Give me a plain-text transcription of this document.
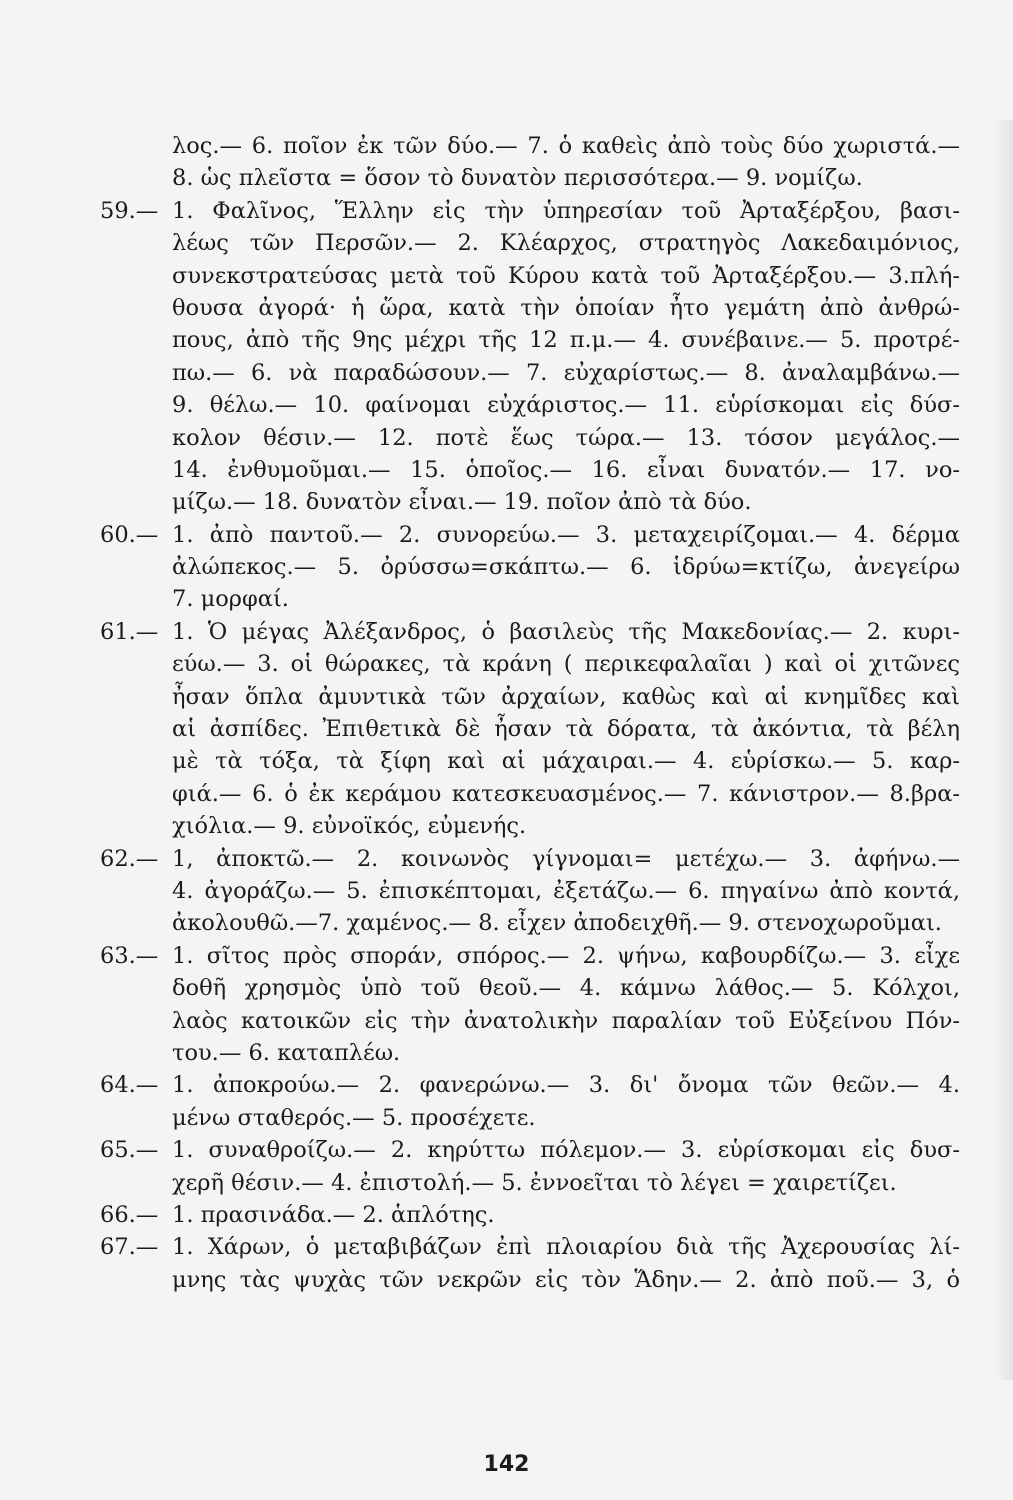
λος.— 6. ποῖον ἐκ τῶν δύο.— 7. ὁ καθεὶς ἀπὸ τοὺς δύο χωριστά.—
8. ὡς πλεῖστα = ὅσον τὸ δυνατὸν περισσότερα.— 9. νομίζω.
59.— 1. Φαλῖνος, Ἕλλην εἰς τὴν ὑπηρεσίαν τοῦ Ἀρταξέρξου, βασι-
λέως τῶν Περσῶν.— 2. Κλέαρχος, στρατηγὸς Λακεδαιμόνιος,
συνεκστρατεύσας μετὰ τοῦ Κύρου κατὰ τοῦ Ἀρταξέρξου.— 3.πλή-
θουσα ἀγορά· ἡ ὥρα, κατὰ τὴν ὁποίαν ἦτο γεμάτη ἀπὸ ἀνθρώ-
πους, ἀπὸ τῆς 9ης μέχρι τῆς 12 π.μ.— 4. συνέβαινε.— 5. προτρέ-
πω.— 6. νὰ παραδώσουν.— 7. εὐχαρίστως.— 8. ἀναλαμβάνω.—
9. θέλω.— 10. φαίνομαι εὐχάριστος.— 11. εὑρίσκομαι εἰς δύσ-
κολον θέσιν.— 12. ποτὲ ἕως τώρα.— 13. τόσον μεγάλος.—
14. ἐνθυμοῦμαι.— 15. ὁποῖος.— 16. εἶναι δυνατόν.— 17. νο-
μίζω.— 18. δυνατὸν εἶναι.— 19. ποῖον ἀπὸ τὰ δύο.
60.— 1. ἀπὸ παντοῦ.— 2. συνορεύω.— 3. μεταχειρίζομαι.— 4. δέρμα
ἀλώπεκος.— 5. ὀρύσσω=σκάπτω.— 6. ἱδρύω=κτίζω, ἀνεγείρω
7. μορφαί.
61.— 1. Ὁ μέγας Ἀλέξανδρος, ὁ βασιλεὺς τῆς Μακεδονίας.— 2. κυρι-
εύω.— 3. οἱ θώρακες, τὰ κράνη ( περικεφαλαῖαι ) καὶ οἱ χιτῶνες
ἦσαν ὅπλα ἀμυντικὰ τῶν ἀρχαίων, καθὼς καὶ αἱ κνημῖδες καὶ
αἱ ἀσπίδες. Ἐπιθετικὰ δὲ ἦσαν τὰ δόρατα, τὰ ἀκόντια, τὰ βέλη
μὲ τὰ τόξα, τὰ ξίφη καὶ αἱ μάχαιραι.— 4. εὑρίσκω.— 5. καρ-
φιά.— 6. ὁ ἐκ κεράμου κατεσκευασμένος.— 7. κάνιστρον.— 8.βρα-
χιόλια.— 9. εὐνοϊκός, εὐμενής.
62.— 1, ἀποκτῶ.— 2. κοινωνὸς γίγνομαι= μετέχω.— 3. ἀφήνω.—
4. ἀγοράζω.— 5. ἐπισκέπτομαι, ἐξετάζω.— 6. πηγαίνω ἀπὸ κοντά,
ἀκολουθῶ.—7. χαμένος.— 8. εἶχεν ἀποδειχθῆ.— 9. στενοχωροῦμαι.
63.— 1. σῖτος πρὸς σποράν, σπόρος.— 2. ψήνω, καβουρδίζω.— 3. εἶχε
δοθῆ χρησμὸς ὑπὸ τοῦ θεοῦ.— 4. κάμνω λάθος.— 5. Κόλχοι,
λαὸς κατοικῶν εἰς τὴν ἀνατολικὴν παραλίαν τοῦ Εὐξείνου Πόν-
του.— 6. καταπλέω.
64.— 1. ἀποκρούω.— 2. φανερώνω.— 3. δι' ὄνομα τῶν θεῶν.— 4.
μένω σταθερός.— 5. προσέχετε.
65.— 1. συναθροίζω.— 2. κηρύττω πόλεμον.— 3. εὑρίσκομαι εἰς δυσ-
χερῆ θέσιν.— 4. ἐπιστολή.— 5. ἐννοεῖται τὸ λέγει = χαιρετίζει.
66.— 1. πρασινάδα.— 2. ἁπλότης.
67.— 1. Χάρων, ὁ μεταβιβάζων ἐπὶ πλοιαρίου διὰ τῆς Ἀχερουσίας λί-
μνης τὰς ψυχὰς τῶν νεκρῶν εἰς τὸν Ἅδην.— 2. ἀπὸ ποῦ.— 3, ὁ
142
